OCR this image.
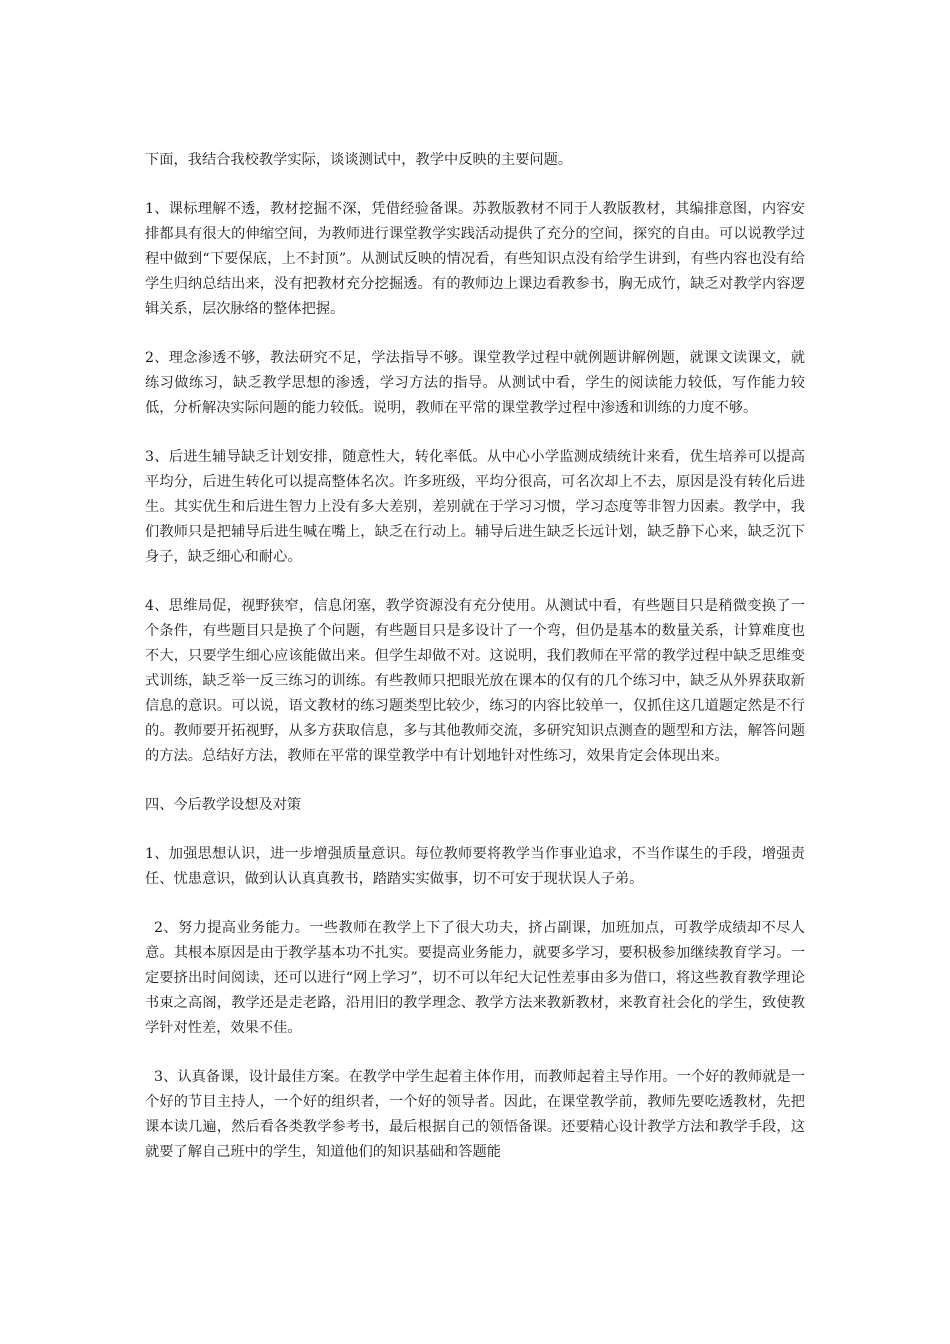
下面，我结合我校教学实际，谈谈测试中，教学中反映的主要问题。

1、课标理解不透，教材挖掘不深，凭借经验备课。苏教版教材不同于人教版教材，其编排意图，内容安排都具有很大的伸缩空间，为教师进行课堂教学实践活动提供了充分的空间，探究的自由。可以说教学过程中做到“下要保底，上不封顶”。从测试反映的情况看，有些知识点没有给学生讲到，有些内容也没有给学生归纳总结出来，没有把教材充分挖掘透。有的教师边上课边看教参书，胸无成竹，缺乏对教学内容逻辑关系，层次脉络的整体把握。

2、理念渗透不够，教法研究不足，学法指导不够。课堂教学过程中就例题讲解例题，就课文读课文，就练习做练习，缺乏教学思想的渗透，学习方法的指导。从测试中看，学生的阅读能力较低，写作能力较低，分析解决实际问题的能力较低。说明，教师在平常的课堂教学过程中渗透和训练的力度不够。

3、后进生辅导缺乏计划安排，随意性大，转化率低。从中心小学监测成绩统计来看，优生培养可以提高平均分，后进生转化可以提高整体名次。许多班级，平均分很高，可名次却上不去，原因是没有转化后进生。其实优生和后进生智力上没有多大差别，差别就在于学习习惯，学习态度等非智力因素。教学中，我们教师只是把辅导后进生喊在嘴上，缺乏在行动上。辅导后进生缺乏长远计划，缺乏静下心来，缺乏沉下身子，缺乏细心和耐心。

4、思维局促，视野狭窄，信息闭塞，教学资源没有充分使用。从测试中看，有些题目只是稍微变换了一个条件，有些题目只是换了个问题，有些题目只是多设计了一个弯，但仍是基本的数量关系，计算难度也不大，只要学生细心应该能做出来。但学生却做不对。这说明，我们教师在平常的教学过程中缺乏思维变式训练，缺乏举一反三练习的训练。有些教师只把眼光放在课本的仅有的几个练习中，缺乏从外界获取新信息的意识。可以说，语文教材的练习题类型比较少，练习的内容比较单一，仅抓住这几道题定然是不行的。教师要开拓视野，从多方获取信息，多与其他教师交流，多研究知识点测查的题型和方法，解答问题的方法。总结好方法，教师在平常的课堂教学中有计划地针对性练习，效果肯定会体现出来。

四、今后教学设想及对策

1、加强思想认识，进一步增强质量意识。每位教师要将教学当作事业追求，不当作谋生的手段，增强责任、忧患意识，做到认认真真教书，踏踏实实做事，切不可安于现状误人子弟。

2、努力提高业务能力。一些教师在教学上下了很大功夫，挤占副课，加班加点，可教学成绩却不尽人意。其根本原因是由于教学基本功不扎实。要提高业务能力，就要多学习，要积极参加继续教育学习。一定要挤出时间阅读，还可以进行“网上学习”，切不可以年纪大记性差事由多为借口，将这些教育教学理论书束之高阁，教学还是走老路，沿用旧的教学理念、教学方法来教新教材，来教育社会化的学生，致使教学针对性差，效果不佳。

3、认真备课，设计最佳方案。在教学中学生起着主体作用，而教师起着主导作用。一个好的教师就是一个好的节目主持人，一个好的组织者，一个好的领导者。因此，在课堂教学前，教师先要吃透教材，先把课本读几遍，然后看各类教学参考书，最后根据自己的领悟备课。还要精心设计教学方法和教学手段，这就要了解自己班中的学生，知道他们的知识基础和答题能
